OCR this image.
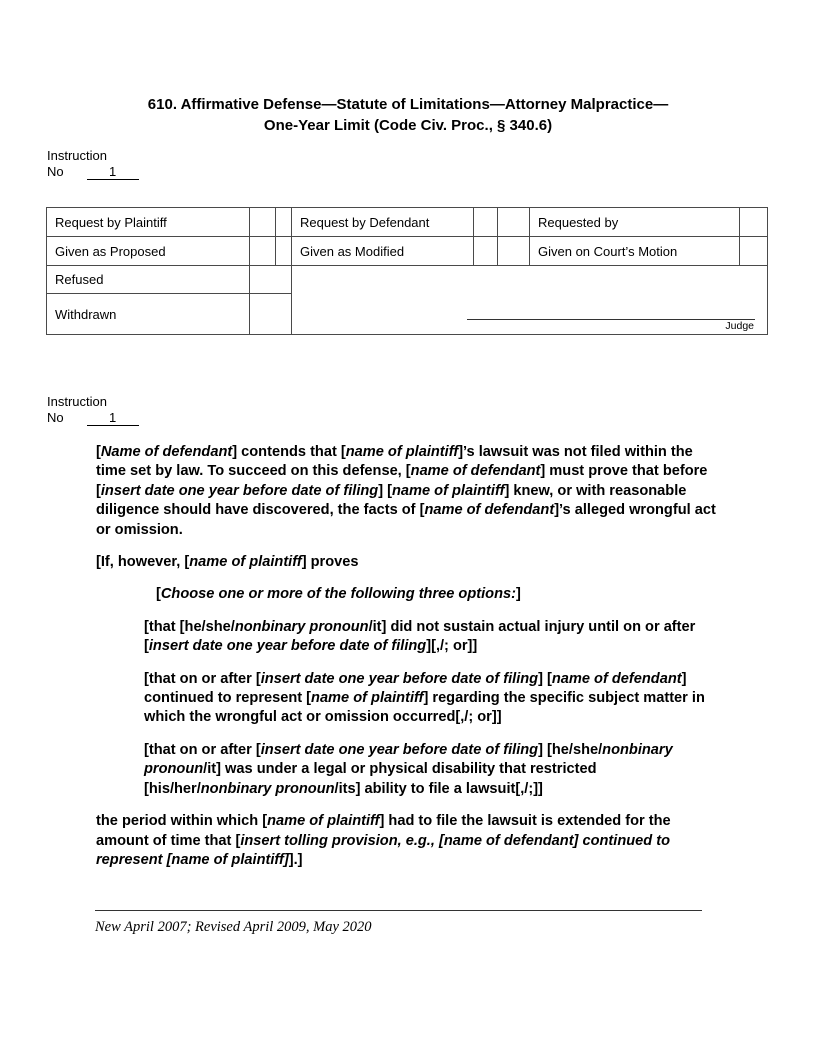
610. Affirmative Defense—Statute of Limitations—Attorney Malpractice—
One-Year Limit (Code Civ. Proc., § 340.6)
Instruction
No	1
Request by Plaintiff			Request by Defendant			Requested by	
Given as Proposed			Given as Modified			Given on Court’s Motion	
Refused			Judge				

Withdrawn							
Instruction
No	1

[Name of defendant] contends that [name of plaintiff]’s lawsuit was not filed within the time set by law. To succeed on this defense, [name of defendant] must prove that before [insert date one year before date of filing] [name of plaintiff] knew, or with reasonable diligence should have discovered, the facts of [name of defendant]’s alleged wrongful act or omission.

[If, however, [name of plaintiff] proves

[Choose one or more of the following three options:]

[that [he/she/nonbinary pronoun/it] did not sustain actual injury until on or after [insert date one year before date of filing][,/; or]]

[that on or after [insert date one year before date of filing] [name of defendant] continued to represent [name of plaintiff] regarding the specific subject matter in which the wrongful act or omission occurred[,/; or]]

[that on or after [insert date one year before date of filing] [he/she/nonbinary pronoun/it] was under a legal or physical disability that restricted [his/her/nonbinary pronoun/its] ability to file a lawsuit[,/;]]

the period within which [name of plaintiff] had to file the lawsuit is extended for the amount of time that [insert tolling provision, e.g., [name of defendant] continued to represent [name of plaintiff]].]

New April 2007; Revised April 2009, May 2020
